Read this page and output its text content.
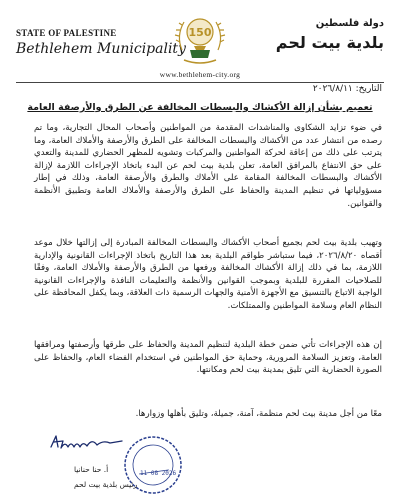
STATE OF PALESTINE
Bethlehem Municipality
150
دولة فلسطين
بلدية بيت لحم
www.bethlehem-city.org
التاريخ: ٢٠٢٦/٨/١١
تعميم بشأن إزالة الأكشاك والبسطات المخالفة عن الطرق والأرصفة العامة
في ضوء تزايد الشكاوى والمناشدات المقدمة من المواطنين وأصحاب المحال التجارية، وما تم رصده من انتشار عدد من الأكشاك والبسطات المخالفة على الطرق والأرصفة والأملاك العامة، وما يترتب على ذلك من إعاقة لحركة المواطنين والمركبات وتشويه للمظهر الحضاري للمدينة والتعدي على حق الانتفاع بالمرافق العامة، تعلن بلدية بيت لحم عن البدء باتخاذ الإجراءات اللازمة لإزالة الأكشاك والبسطات المخالفة المقامة على الأملاك والطرق والأرصفة العامة، وذلك في إطار مسؤولياتها في تنظيم المدينة والحفاظ على الطرق والأرصفة والأملاك العامة وتطبيق الأنظمة والقوانين.
وتهيب بلدية بيت لحم بجميع أصحاب الأكشاك والبسطات المخالفة المبادرة إلى إزالتها خلال موعد أقصاه ٢٠٢٦/٨/٢٠، فيما ستباشر طواقم البلدية بعد هذا التاريخ باتخاذ الإجراءات القانونية والإدارية اللازمة، بما في ذلك إزالة الأكشاك المخالفة ورفعها من الطرق والأرصفة والأملاك العامة، وفقًا للصلاحيات المقررة للبلدية وبموجب القوانين والأنظمة والتعليمات النافذة والإجراءات القانونية الواجبة الاتباع بالتنسيق مع الأجهزة الأمنية والجهات الرسمية ذات العلاقة، وبما يكفل المحافظة على النظام العام وسلامة المواطنين والممتلكات.
إن هذه الإجراءات تأتي ضمن خطة البلدية لتنظيم المدينة والحفاظ على طرقها وأرصفتها ومرافقها العامة، وتعزيز السلامة المرورية، وحماية حق المواطنين في استخدام الفضاء العام، والحفاظ على الصورة الحضارية التي تليق بمدينة بيت لحم ومكانتها.
معًا من أجل مدينة بيت لحم منظمة، آمنة، جميلة، وتليق بأهلها وزوارها.
11 08 2026
أ. حنا حنانيا
رئيس بلدية بيت لحم
